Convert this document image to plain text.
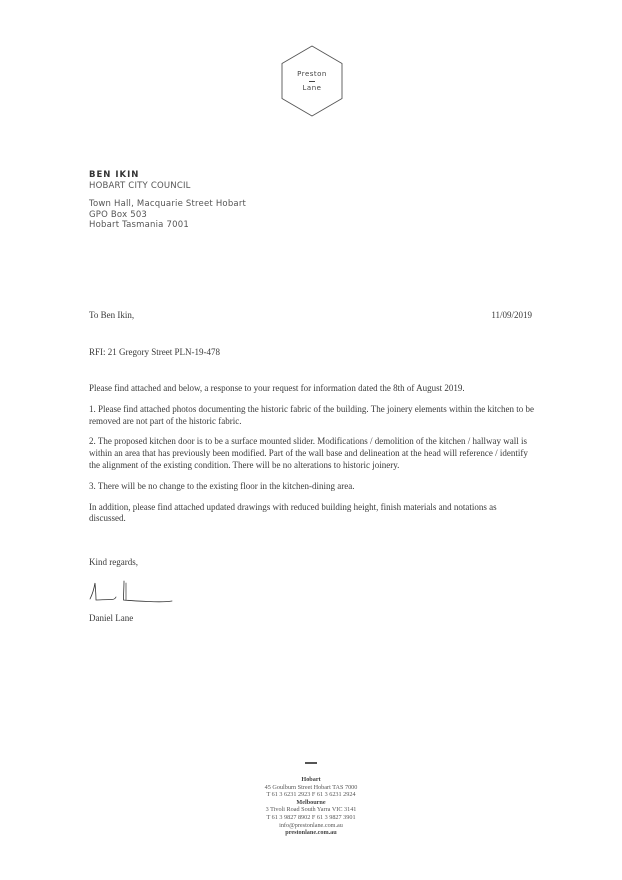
Preston
Lane
BEN IKIN
HOBART CITY COUNCIL
Town Hall, Macquarie Street Hobart
GPO Box 503
Hobart Tasmania 7001
To Ben Ikin,	11/09/2019
RFI: 21 Gregory Street PLN-19-478

Please find attached and below, a response to your request for information dated the 8th of August 2019.

1. Please find attached photos documenting the historic fabric of the building. The joinery elements within the kitchen to be removed are not part of the historic fabric.

2. The proposed kitchen door is to be a surface mounted slider. Modifications / demolition of the kitchen / hallway wall is within an area that has previously been modified. Part of the wall base and delineation at the head will reference / identify the alignment of the existing condition. There will be no alterations to historic joinery.

3. There will be no change to the existing floor in the kitchen-dining area.

In addition, please find attached updated drawings with reduced building height, finish materials and notations as discussed.

Kind regards,
Daniel Lane
Hobart
45 Goulburn Street Hobart TAS 7000
T 61 3 6231 2923 F 61 3 6231 2924
Melbourne
3 Tivoli Road South Yarra VIC 3141
T 61 3 9827 8902 F 61 3 9827 3901
info@prestonlane.com.au
prestonlane.com.au
